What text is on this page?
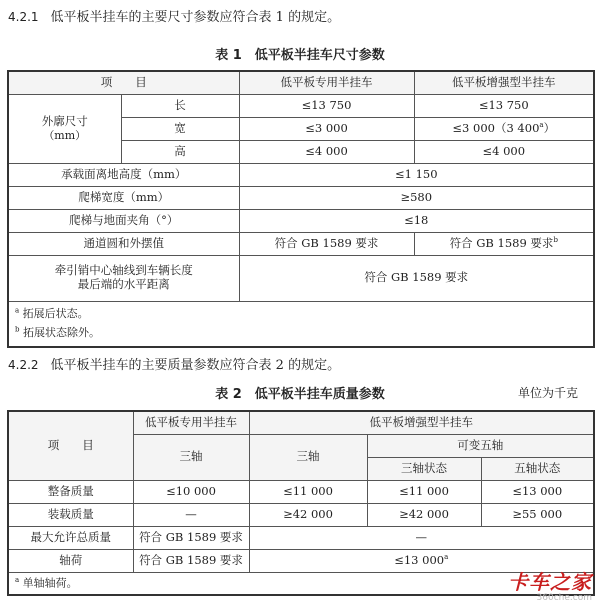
4.2.1 低平板半挂车的主要尺寸参数应符合表 1 的规定。
表 1　低平板半挂车尺寸参数
项　　目		低平板专用半挂车	低平板增强型半挂车

外廓尺寸
（mm）	长	≤13 750	≤13 750
	宽	≤3 000	≤3 000（3 400$^a$）
	高	≤4 000	≤4 000
承载面离地高度（mm）		≤1 150	
爬梯宽度（mm）		≥580	
爬梯与地面夹角（°）		≤18	
通道圆和外摆值		符合 GB 1589 要求	符合 GB 1589 要求$^b$

牵引销中心轴线到车辆长度
最后端的水平距离		符合 GB 1589 要求	

$^a$ 拓展后状态。
$^b$ 拓展状态除外。			
4.2.2 低平板半挂车的主要质量参数应符合表 2 的规定。
表 2　低平板半挂车质量参数	单位为千克
项　　目	低平板专用半挂车	低平板增强型半挂车		
	三轴	三轴	可变五轴	
			三轴状态	五轴状态
整备质量	≤10 000	≤11 000	≤11 000	≤13 000
装载质量	—	≥42 000	≥42 000	≥55 000
最大允许总质量	符合 GB 1589 要求	—		
轴荷	符合 GB 1589 要求	≤13 000$^a$
$^a$ 单轴轴荷。					卡车之家
360che.com
